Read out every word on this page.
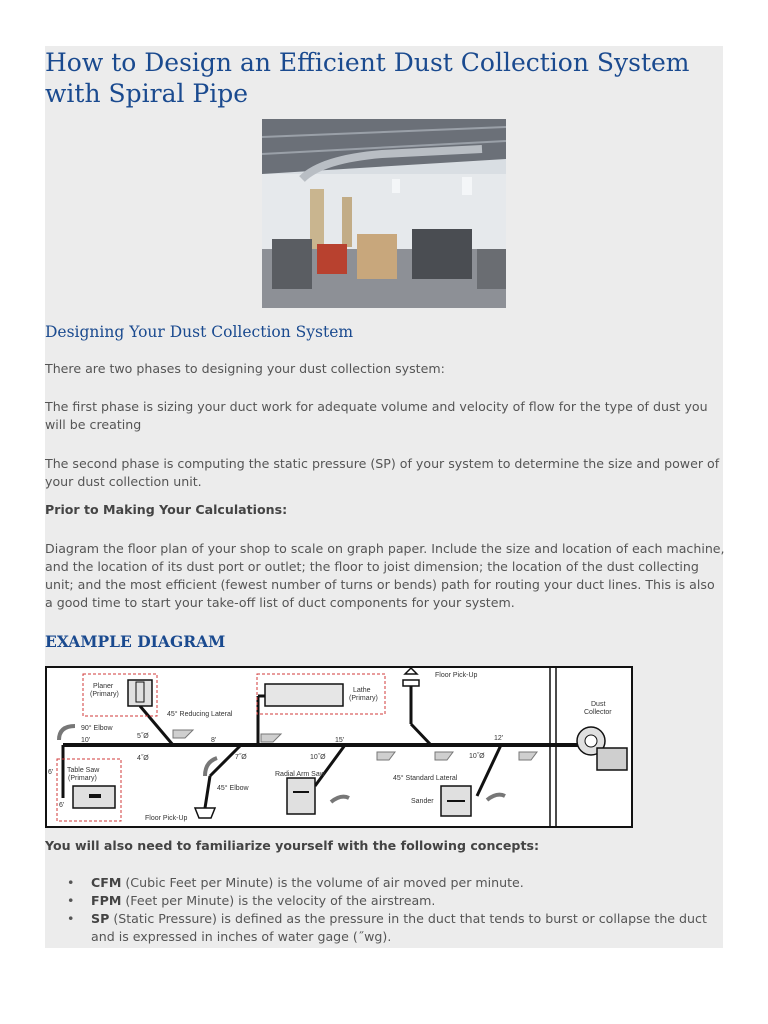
How to Design an Efficient Dust Collection System with Spiral Pipe
Designing Your Dust Collection System

There are two phases to designing your dust collection system:

The first phase is sizing your duct work for adequate volume and velocity of flow for the type of dust you will be creating

The second phase is computing the static pressure (SP) of your system to determine the size and power of your dust collection unit.

Prior to Making Your Calculations:

Diagram the floor plan of your shop to scale on graph paper. Include the size and location of each machine, and the location of its dust port or outlet; the floor to joist dimension; the location of the dust collecting unit; and the most efficient (fewest number of turns or bends) path for routing your duct lines. This is also a good time to start your take-off list of duct components for your system.

EXAMPLE DIAGRAM
Planer
(Primary)
Lathe
(Primary)
Table Saw
(Primary)
Dust
Collector
Floor Pick-Up
Floor Pick-Up
45° Reducing Lateral
90° Elbow
45° Elbow
Radial Arm Saw
45° Standard Lateral
Sander
10'
5˝Ø
4˝Ø
8'
7˝Ø
15'
10˝Ø	10˝Ø
12'
6'
6'

You will also need to familiarize yourself with the following concepts:

• CFM (Cubic Feet per Minute) is the volume of air moved per minute.
• FPM (Feet per Minute) is the velocity of the airstream.
• SP (Static Pressure) is defined as the pressure in the duct that tends to burst or collapse the duct and is expressed in inches of water gage (˝wg).
